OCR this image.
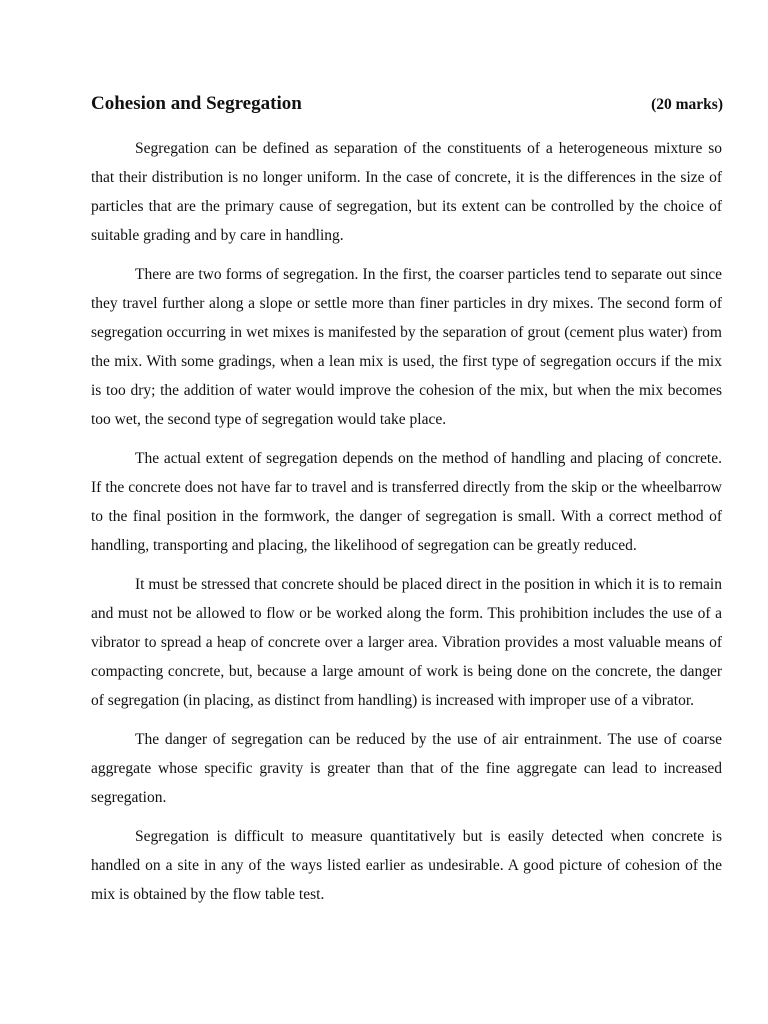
Cohesion and Segregation	(20 marks)

Segregation can be defined as separation of the constituents of a heterogeneous mixture so that their distribution is no longer uniform. In the case of concrete, it is the differences in the size of particles that are the primary cause of segregation, but its extent can be controlled by the choice of suitable grading and by care in handling.

There are two forms of segregation. In the first, the coarser particles tend to separate out since they travel further along a slope or settle more than finer particles in dry mixes. The second form of segregation occurring in wet mixes is manifested by the separation of grout (cement plus water) from the mix. With some gradings, when a lean mix is used, the first type of segregation occurs if the mix is too dry; the addition of water would improve the cohesion of the mix, but when the mix becomes too wet, the second type of segregation would take place.

The actual extent of segregation depends on the method of handling and placing of concrete. If the concrete does not have far to travel and is transferred directly from the skip or the wheelbarrow to the final position in the formwork, the danger of segregation is small. With a correct method of handling, transporting and placing, the likelihood of segregation can be greatly reduced.

It must be stressed that concrete should be placed direct in the position in which it is to remain and must not be allowed to flow or be worked along the form. This prohibition includes the use of a vibrator to spread a heap of concrete over a larger area. Vibration provides a most valuable means of compacting concrete, but, because a large amount of work is being done on the concrete, the danger of segregation (in placing, as distinct from handling) is increased with improper use of a vibrator.

The danger of segregation can be reduced by the use of air entrainment. The use of coarse aggregate whose specific gravity is greater than that of the fine aggregate can lead to increased segregation.

Segregation is difficult to measure quantitatively but is easily detected when concrete is handled on a site in any of the ways listed earlier as undesirable. A good picture of cohesion of the mix is obtained by the flow table test.
